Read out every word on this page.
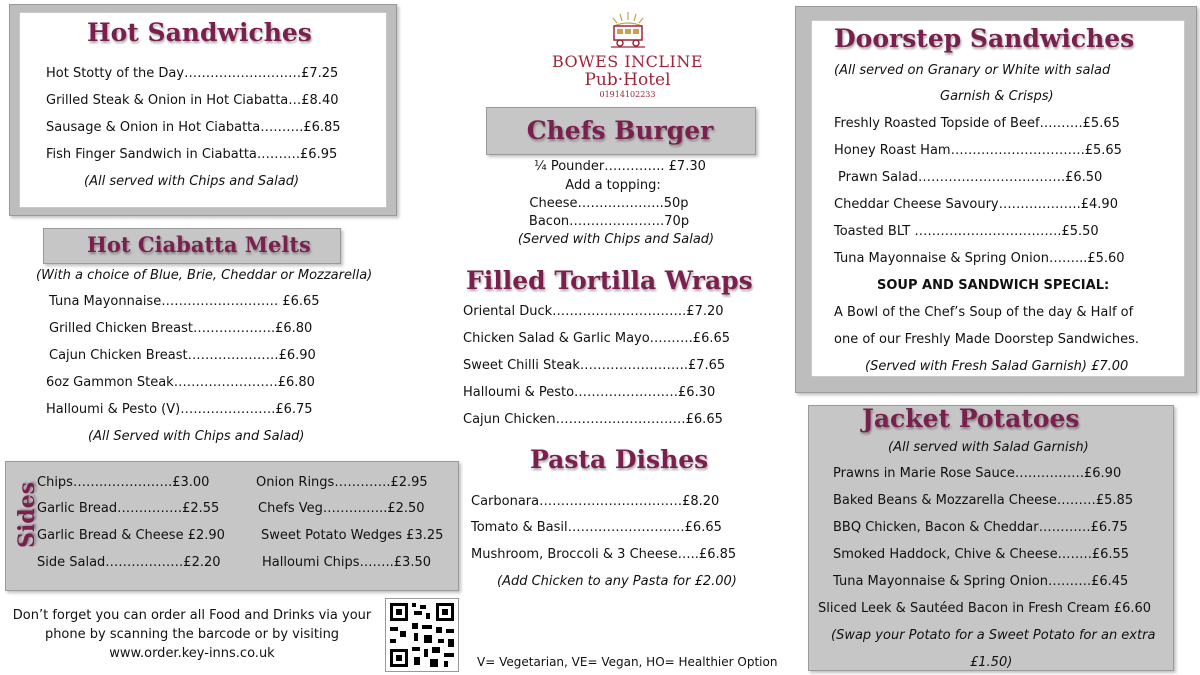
Hot Sandwiches
Hot Stotty of the Day………………………£7.25
Grilled Steak & Onion in Hot Ciabatta…£8.40
Sausage & Onion in Hot Ciabatta……….£6.85
Fish Finger Sandwich in Ciabatta……….£6.95
(All served with Chips and Salad)
Hot Ciabatta Melts
(With a choice of Blue, Brie, Cheddar or Mozzarella)
Tuna Mayonnaise……………………… £6.65
Grilled Chicken Breast……………….£6.80
Cajun Chicken Breast…………………£6.90
6oz Gammon Steak……………………£6.80
Halloumi & Pesto (V)………………….£6.75
(All Served with Chips and Salad)
Sides
Chips…….…………….£3.00
Garlic Bread……………£2.55
Garlic Bread & Cheese £2.90
Side Salad………………£2.20
Onion Rings………….£2.95
Chefs Veg……….…..£2.50
Sweet Potato Wedges £3.25
Halloumi Chips……..£3.50
Don’t forget you can order all Food and Drinks via your
phone by scanning the barcode or by visiting
www.order.key-inns.co.uk
BOWES INCLINE
Pub·Hotel
01914102233
Chefs Burger
¼ Pounder………….. £7.30
Add a topping:
Cheese………………..50p
Bacon………………….70p
(Served with Chips and Salad)
Filled Tortilla Wraps
Oriental Duck………………………….£7.20
Chicken Salad & Garlic Mayo……….£6.65
Sweet Chilli Steak…………………….£7.65
Halloumi & Pesto……………………£6.30
Cajun Chicken…………………………£6.65
Pasta Dishes
Carbonara……………………………£8.20
Tomato & Basil………………………£6.65
Mushroom, Broccoli & 3 Cheese…..£6.85
(Add Chicken to any Pasta for £2.00)
V= Vegetarian, VE= Vegan, HO= Healthier Option
Doorstep Sandwiches
(All served on Granary or White with salad
Garnish & Crisps)
Freshly Roasted Topside of Beef……….£5.65
Honey Roast Ham………………………….£5.65
Prawn Salad…………………………….£6.50
Cheddar Cheese Savoury……………….£4.90
Toasted BLT …………………………….£5.50
Tuna Mayonnaise & Spring Onion……...£5.60
SOUP AND SANDWICH SPECIAL:
A Bowl of the Chef’s Soup of the day & Half of
one of our Freshly Made Doorstep Sandwiches.
(Served with Fresh Salad Garnish) £7.00
Jacket Potatoes
(All served with Salad Garnish)
Prawns in Marie Rose Sauce…………….£6.90
Baked Beans & Mozzarella Cheese………£5.85
BBQ Chicken, Bacon & Cheddar…………£6.75
Smoked Haddock, Chive & Cheese……..£6.55
Tuna Mayonnaise & Spring Onion……….£6.45
Sliced Leek & Sautéed Bacon in Fresh Cream £6.60
(Swap your Potato for a Sweet Potato for an extra
£1.50)
